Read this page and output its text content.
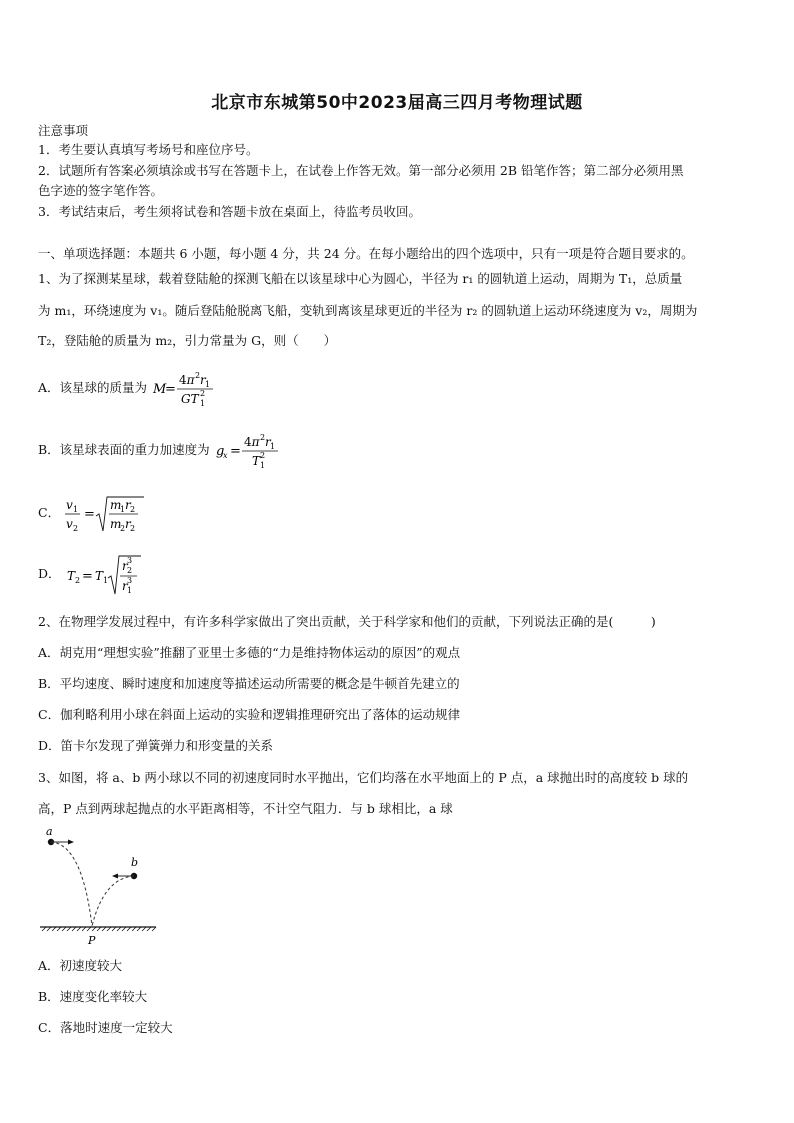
北京市东城第50中2023届高三四月考物理试题
注意事项
1．考生要认真填写考场号和座位序号。
2．试题所有答案必须填涂或书写在答题卡上，在试卷上作答无效。第一部分必须用 2B 铅笔作答；第二部分必须用黑
色字迹的签字笔作答。
3．考试结束后，考生须将试卷和答题卡放在桌面上，待监考员收回。
一、单项选择题：本题共 6 小题，每小题 4 分，共 24 分。在每小题给出的四个选项中，只有一项是符合题目要求的。
1、为了探测某星球，载着登陆舱的探测飞船在以该星球中心为圆心，半径为 r₁ 的圆轨道上运动，周期为 T₁，总质量
为 m₁，环绕速度为 v₁。随后登陆舱脱离飞船，变轨到离该星球更近的半径为 r₂ 的圆轨道上运动环绕速度为 v₂，周期为
T₂，登陆舱的质量为 m₂，引力常量为 G，则（　　）
A．该星球的质量为 M
=
4π 2 r 1
GT 1
2
B．该星球表面的重力加速度为 g
x =
4π 2 r 1
T 1
2
C．
v 1
v 2
=
m
1 r 2
m
2 r 2
D． T 2 = T 1
r 2
3
r 1
3
2、在物理学发展过程中，有许多科学家做出了突出贡献，关于科学家和他们的贡献，下列说法正确的是(　　　)
A．胡克用“理想实验”推翻了亚里士多德的“力是维持物体运动的原因”的观点
B．平均速度、瞬时速度和加速度等描述运动所需要的概念是牛顿首先建立的
C．伽利略利用小球在斜面上运动的实验和逻辑推理研究出了落体的运动规律
D．笛卡尔发现了弹簧弹力和形变量的关系
3、如图，将 a、b 两小球以不同的初速度同时水平抛出，它们均落在水平地面上的 P 点，a 球抛出时的高度较 b 球的
高，P 点到两球起抛点的水平距离相等，不计空气阻力．与 b 球相比，a 球
a
b
P
A．初速度较大
B．速度变化率较大
C．落地时速度一定较大
